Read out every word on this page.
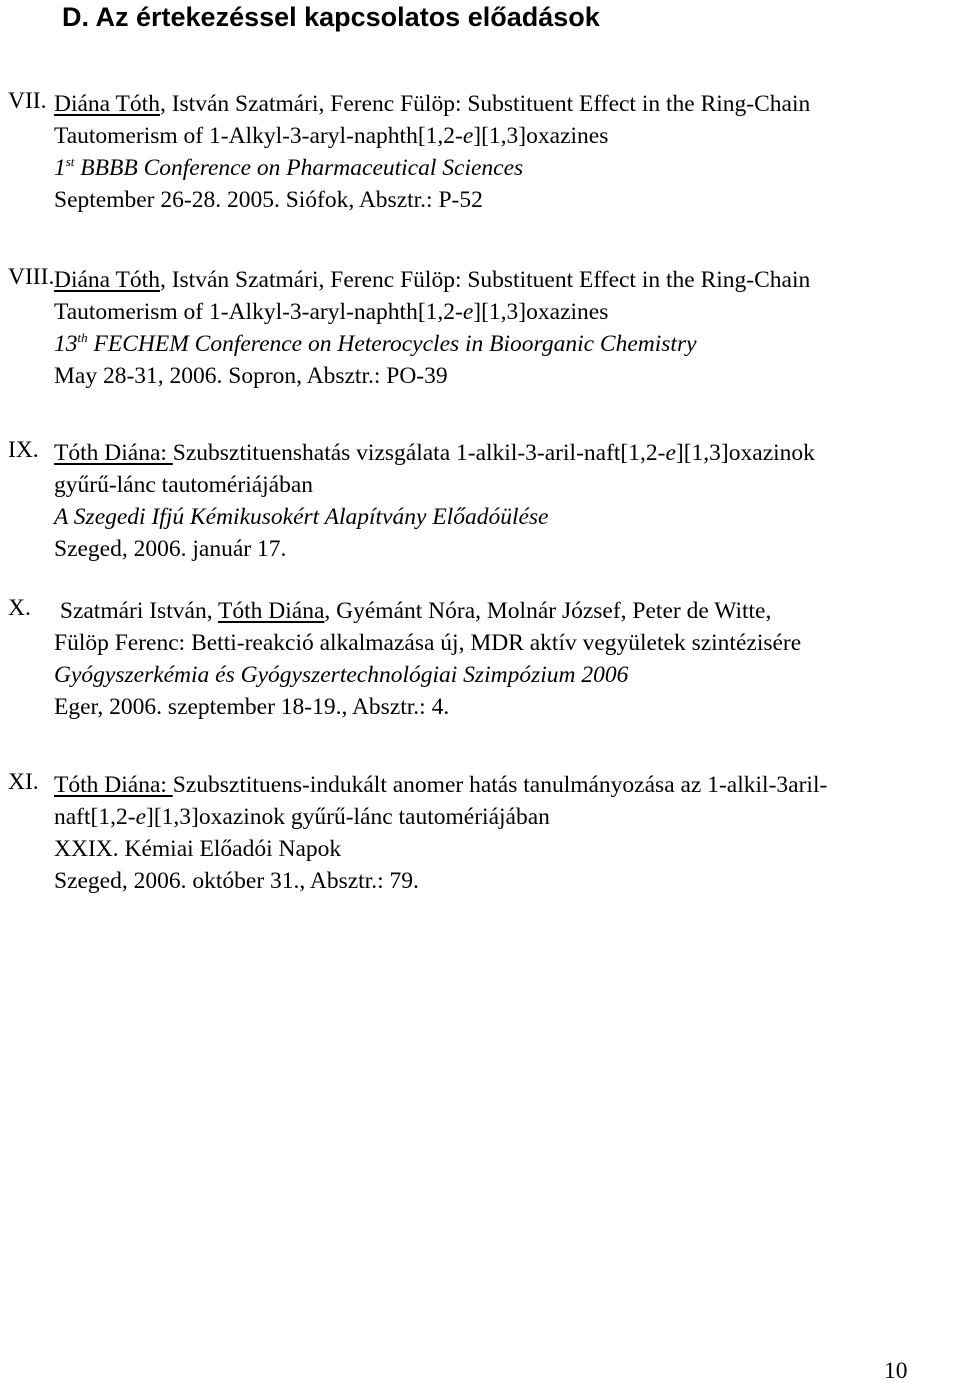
D. Az értekezéssel kapcsolatos előadások
VII. Diána Tóth, István Szatmári, Ferenc Fülöp: Substituent Effect in the Ring-Chain
Tautomerism of 1-Alkyl-3-aryl-naphth[1,2-e][1,3]oxazines
1st BBBB Conference on Pharmaceutical Sciences
September 26-28. 2005. Siófok, Absztr.: P-52
VIII. Diána Tóth, István Szatmári, Ferenc Fülöp: Substituent Effect in the Ring-Chain
Tautomerism of 1-Alkyl-3-aryl-naphth[1,2-e][1,3]oxazines
13th FECHEM Conference on Heterocycles in Bioorganic Chemistry
May 28-31, 2006. Sopron, Absztr.: PO-39
IX. Tóth Diána: Szubsztituenshatás vizsgálata 1-alkil-3-aril-naft[1,2-e][1,3]oxazinok
gyűrű-lánc tautomériájában
A Szegedi Ifjú Kémikusokért Alapítvány Előadóülése
Szeged, 2006. január 17.
X. Szatmári István, Tóth Diána, Gyémánt Nóra, Molnár József, Peter de Witte,
Fülöp Ferenc: Betti-reakció alkalmazása új, MDR aktív vegyületek szintézisére
Gyógyszerkémia és Gyógyszertechnológiai Szimpózium 2006
Eger, 2006. szeptember 18-19., Absztr.: 4.
XI. Tóth Diána: Szubsztituens-indukált anomer hatás tanulmányozása az 1-alkil-3aril-
naft[1,2-e][1,3]oxazinok gyűrű-lánc tautomériájában
XXIX. Kémiai Előadói Napok
Szeged, 2006. október 31., Absztr.: 79.
10
